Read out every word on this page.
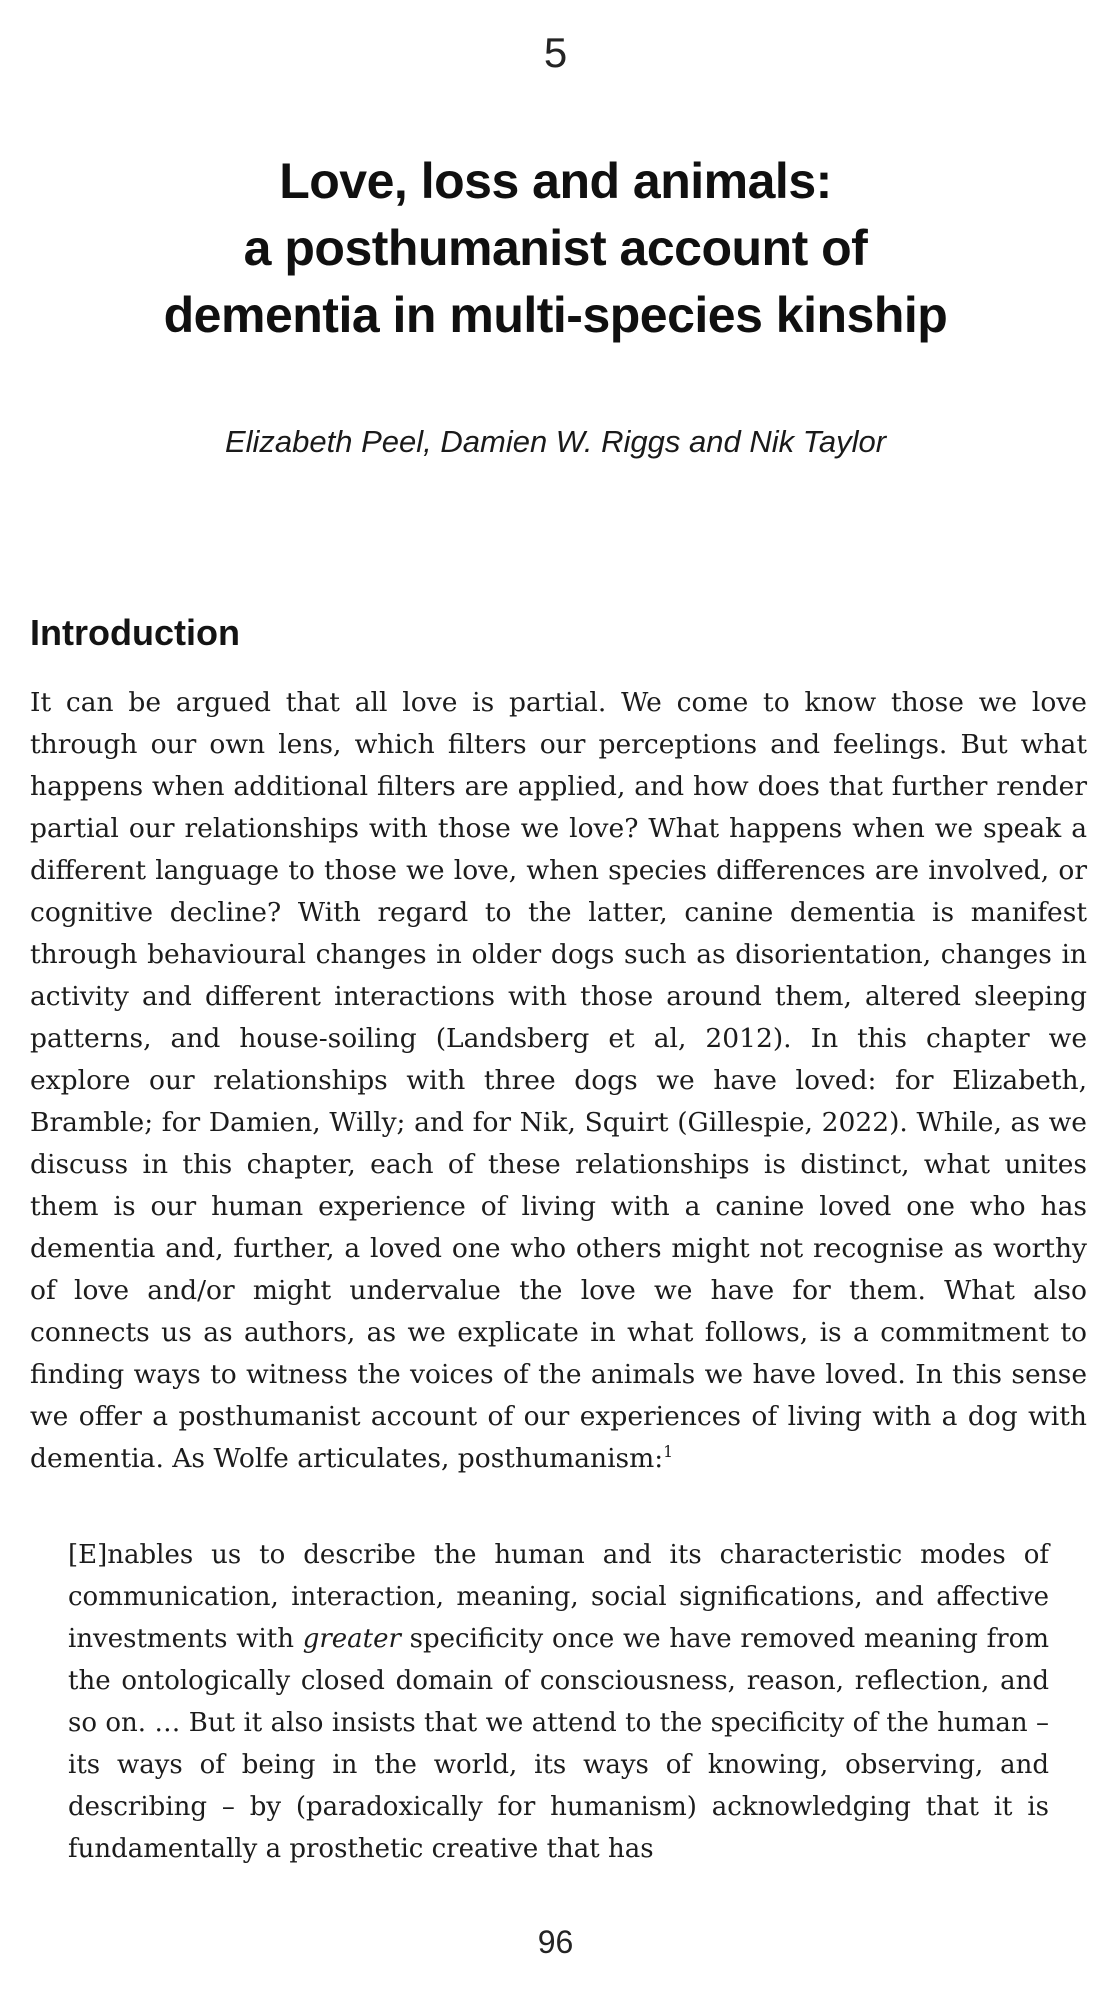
5
Love, loss and animals:
a posthumanist account of
dementia in multi-species kinship
Elizabeth Peel, Damien W. Riggs and Nik Taylor
Introduction

It can be argued that all love is partial. We come to know those we love through our own lens, which filters our perceptions and feelings. But what happens when additional filters are applied, and how does that further render partial our relationships with those we love? What happens when we speak a different language to those we love, when species differences are involved, or cognitive decline? With regard to the latter, canine dementia is manifest through behavioural changes in older dogs such as disorientation, changes in activity and different interactions with those around them, altered sleeping patterns, and house-soiling (Landsberg et al, 2012). In this chapter we explore our relationships with three dogs we have loved: for Elizabeth, Bramble; for Damien, Willy; and for Nik, Squirt (Gillespie, 2022). While, as we discuss in this chapter, each of these relationships is distinct, what unites them is our human experience of living with a canine loved one who has dementia and, further, a loved one who others might not recognise as worthy of love and/or might undervalue the love we have for them. What also connects us as authors, as we explicate in what follows, is a commitment to finding ways to witness the voices of the animals we have loved. In this sense we offer a posthumanist account of our experiences of living with a dog with dementia. As Wolfe articulates, posthumanism:$^1$

[E]nables us to describe the human and its characteristic modes of communication, interaction, meaning, social significations, and affective investments with greater specificity once we have removed meaning from the ontologically closed domain of consciousness, reason, reflection, and so on. … But it also insists that we attend to the specificity of the human – its ways of being in the world, its ways of knowing, observing, and describing – by (paradoxically for humanism) acknowledging that it is fundamentally a prosthetic creative that has
96
